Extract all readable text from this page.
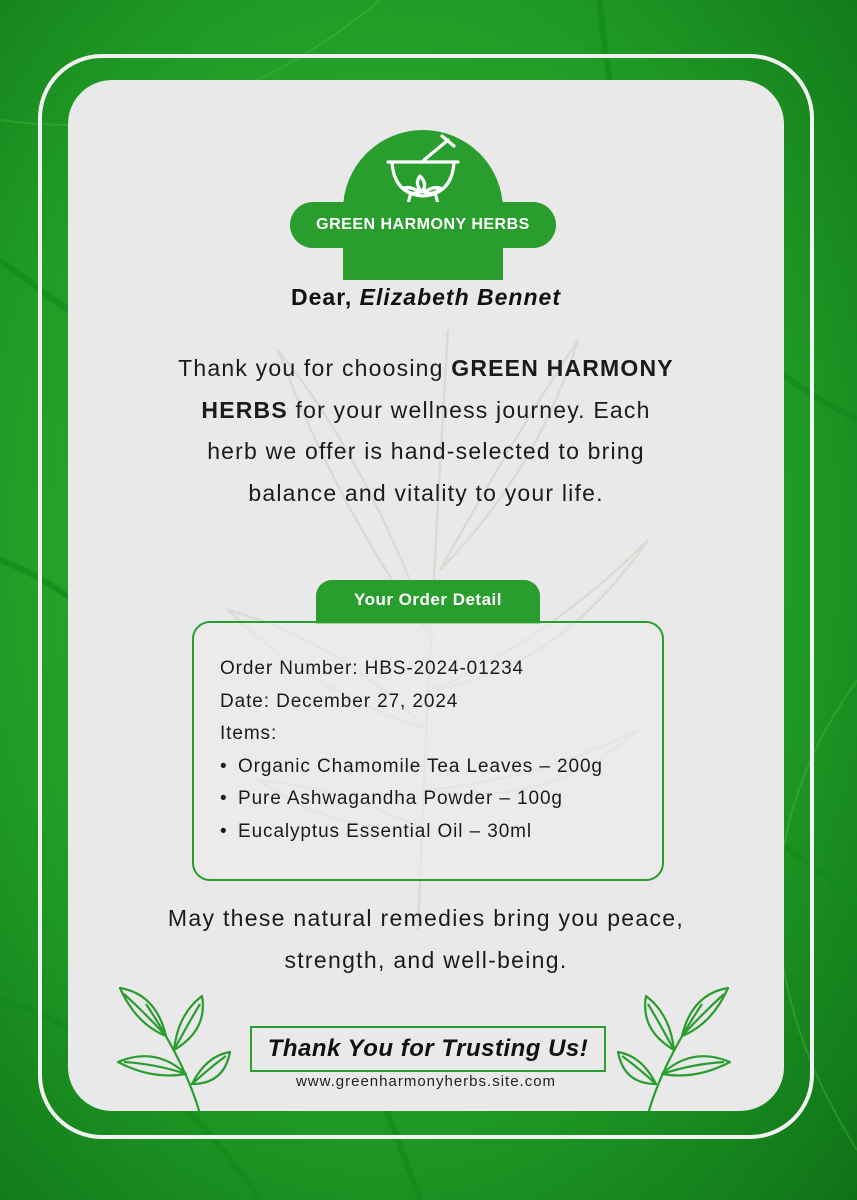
GREEN HARMONY HERBS
Dear, Elizabeth Bennet
Thank you for choosing GREEN HARMONY HERBS for your wellness journey. Each herb we offer is hand-selected to bring balance and vitality to your life.
Your Order Detail
Order Number: HBS-2024-01234
Date: December 27, 2024
Items:
• Organic Chamomile Tea Leaves – 200g
• Pure Ashwagandha Powder – 100g
• Eucalyptus Essential Oil – 30ml
May these natural remedies bring you peace, strength, and well-being.
Thank You for Trusting Us!
www.greenharmonyherbs.site.com
